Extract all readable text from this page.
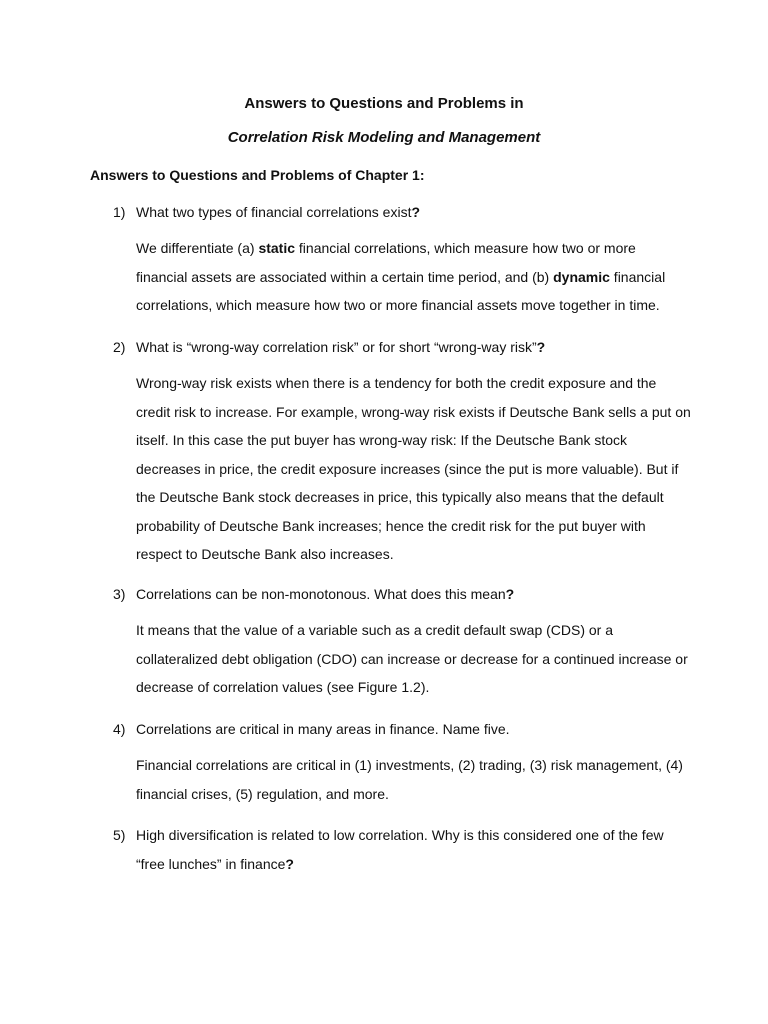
Answers to Questions and Problems in
Correlation Risk Modeling and Management
Answers to Questions and Problems of Chapter 1:
1) What two types of financial correlations exist?
We differentiate (a) static financial correlations, which measure how two or more
financial assets are associated within a certain time period, and (b) dynamic financial
correlations, which measure how two or more financial assets move together in time.
2) What is “wrong-way correlation risk” or for short “wrong-way risk”?
Wrong-way risk exists when there is a tendency for both the credit exposure and the
credit risk to increase. For example, wrong-way risk exists if Deutsche Bank sells a put on
itself. In this case the put buyer has wrong-way risk: If the Deutsche Bank stock
decreases in price, the credit exposure increases (since the put is more valuable). But if
the Deutsche Bank stock decreases in price, this typically also means that the default
probability of Deutsche Bank increases; hence the credit risk for the put buyer with
respect to Deutsche Bank also increases.
3) Correlations can be non-monotonous. What does this mean?
It means that the value of a variable such as a credit default swap (CDS) or a
collateralized debt obligation (CDO) can increase or decrease for a continued increase or
decrease of correlation values (see Figure 1.2).
4) Correlations are critical in many areas in finance. Name five.
Financial correlations are critical in (1) investments, (2) trading, (3) risk management, (4)
financial crises, (5) regulation, and more.
5) High diversification is related to low correlation. Why is this considered one of the few
“free lunches” in finance?
